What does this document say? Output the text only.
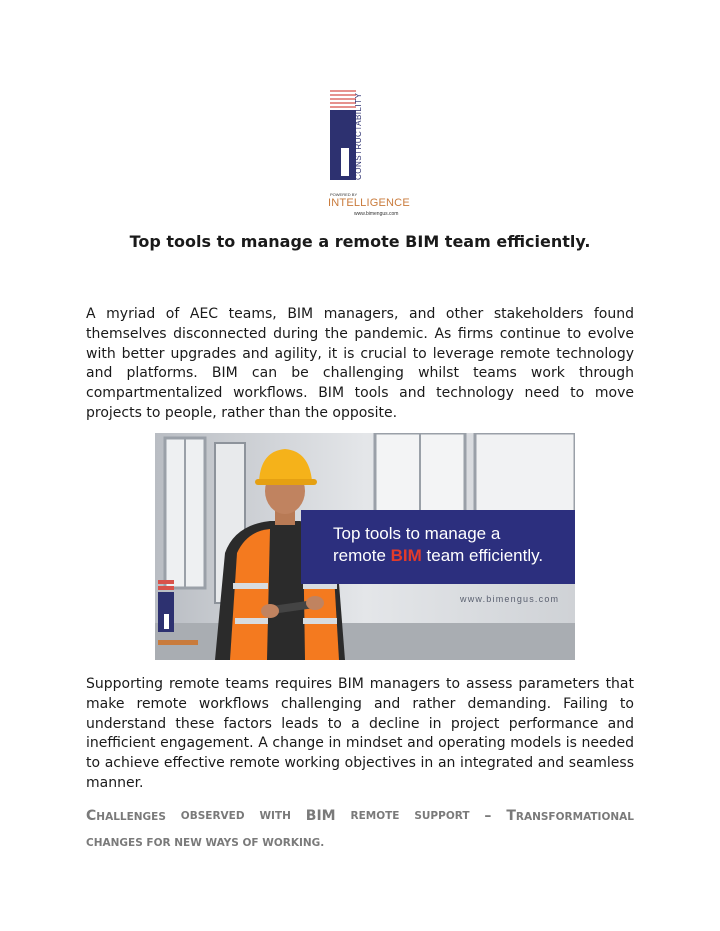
CONSTRUCTABILITY
POWERED BY
INTELLIGENCE
www.bimengus.com
Top tools to manage a remote BIM team efficiently.
A myriad of AEC teams, BIM managers, and other stakeholders found themselves disconnected during the pandemic. As firms continue to evolve with better upgrades and agility, it is crucial to leverage remote technology and platforms. BIM can be challenging whilst teams work through compartmentalized workflows. BIM tools and technology need to move projects to people, rather than the opposite.
Top tools to manage a
remote BIM team efficiently.
www.bimengus.com
Supporting remote teams requires BIM managers to assess parameters that make remote workflows challenging and rather demanding. Failing to understand these factors leads to a decline in project performance and inefficient engagement. A change in mindset and operating models is needed to achieve effective remote working objectives in an integrated and seamless manner.
CHALLENGES OBSERVED WITH BIM REMOTE SUPPORT – TRANSFORMATIONAL
CHANGES FOR NEW WAYS OF WORKING.
